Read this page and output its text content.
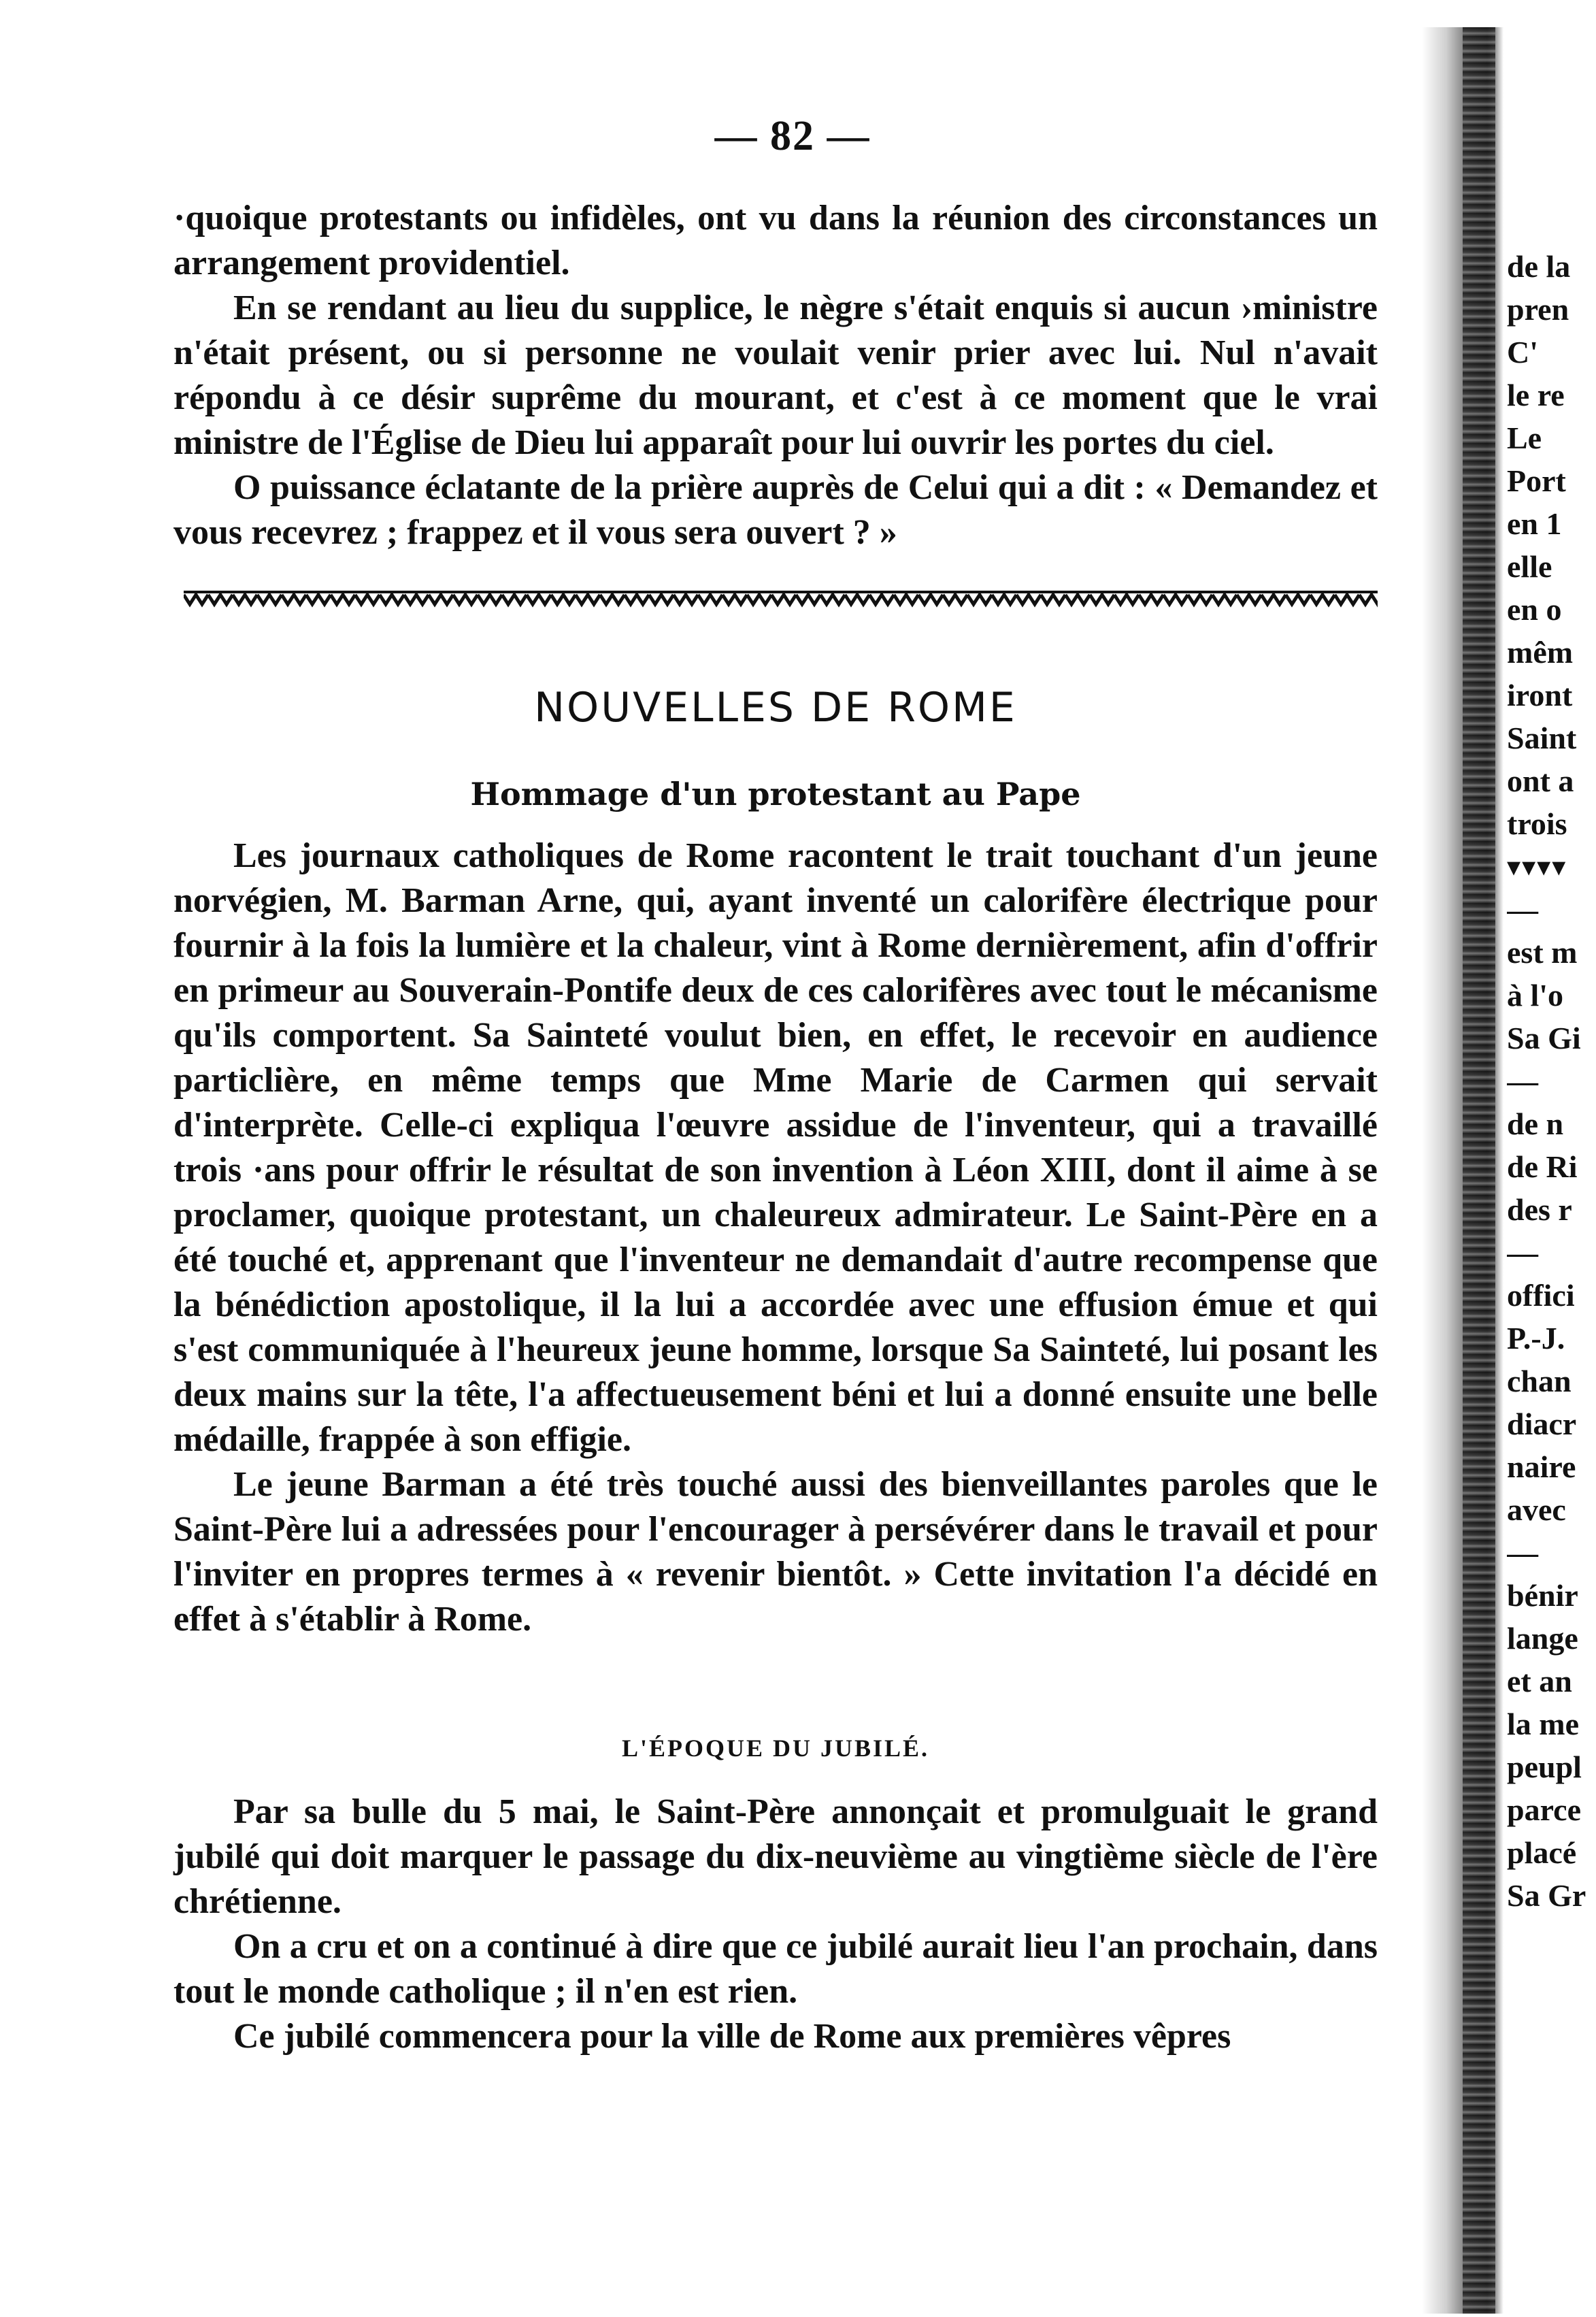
— 82 —

·quoique protestants ou infidèles, ont vu dans la réunion des circonstances un arrangement providentiel.

En se rendant au lieu du supplice, le nègre s'était enquis si aucun ›ministre n'était présent, ou si personne ne voulait venir prier avec lui. Nul n'avait répondu à ce désir suprême du mourant, et c'est à ce moment que le vrai ministre de l'Église de Dieu lui apparaît pour lui ouvrir les portes du ciel.

O puissance éclatante de la prière auprès de Celui qui a dit : « Demandez et vous recevrez ; frappez et il vous sera ouvert ? »

NOUVELLES DE ROME
Hommage d'un protestant au Pape

Les journaux catholiques de Rome racontent le trait touchant d'un jeune norvégien, M. Barman Arne, qui, ayant inventé un calorifère électrique pour fournir à la fois la lumière et la chaleur, vint à Rome dernièrement, afin d'offrir en primeur au Souverain-Pontife deux de ces calorifères avec tout le mécanisme qu'ils comportent. Sa Sainteté voulut bien, en effet, le recevoir en audience particlière, en même temps que Mme Marie de Carmen qui servait d'interprète. Celle-ci expliqua l'œuvre assidue de l'inventeur, qui a travaillé trois ·ans pour offrir le résultat de son invention à Léon XIII, dont il aime à se proclamer, quoique protestant, un chaleureux admirateur. Le Saint-Père en a été touché et, apprenant que l'inventeur ne demandait d'autre recompense que la bénédiction apostolique, il la lui a accordée avec une effusion émue et qui s'est communiquée à l'heureux jeune homme, lorsque Sa Sainteté, lui posant les deux mains sur la tête, l'a affectueusement béni et lui a donné ensuite une belle médaille, frappée à son effigie.

Le jeune Barman a été très touché aussi des bienveillantes paroles que le Saint-Père lui a adressées pour l'encourager à persévérer dans le travail et pour l'inviter en propres termes à « revenir bientôt. » Cette invitation l'a décidé en effet à s'établir à Rome.

L'ÉPOQUE DU JUBILÉ.

Par sa bulle du 5 mai, le Saint-Père annonçait et promulguait le grand jubilé qui doit marquer le passage du dix-neuvième au vingtième siècle de l'ère chrétienne.

On a cru et on a continué à dire que ce jubilé aurait lieu l'an prochain, dans tout le monde catholique ; il n'en est rien.

Ce jubilé commencera pour la ville de Rome aux premières vêpres

de la

pren

C'

le re

Le

Port

en 1

elle

en o

mêm

iront

Saint

ont a

trois

▾▾▾▾

—

est m

à l'o

Sa Gi

—

de n

de Ri

des r

—

offici

P.-J.

chan

diacr

naire

avec

—

bénir

lange

et an

la me

peupl

parce

placé

Sa Gr
